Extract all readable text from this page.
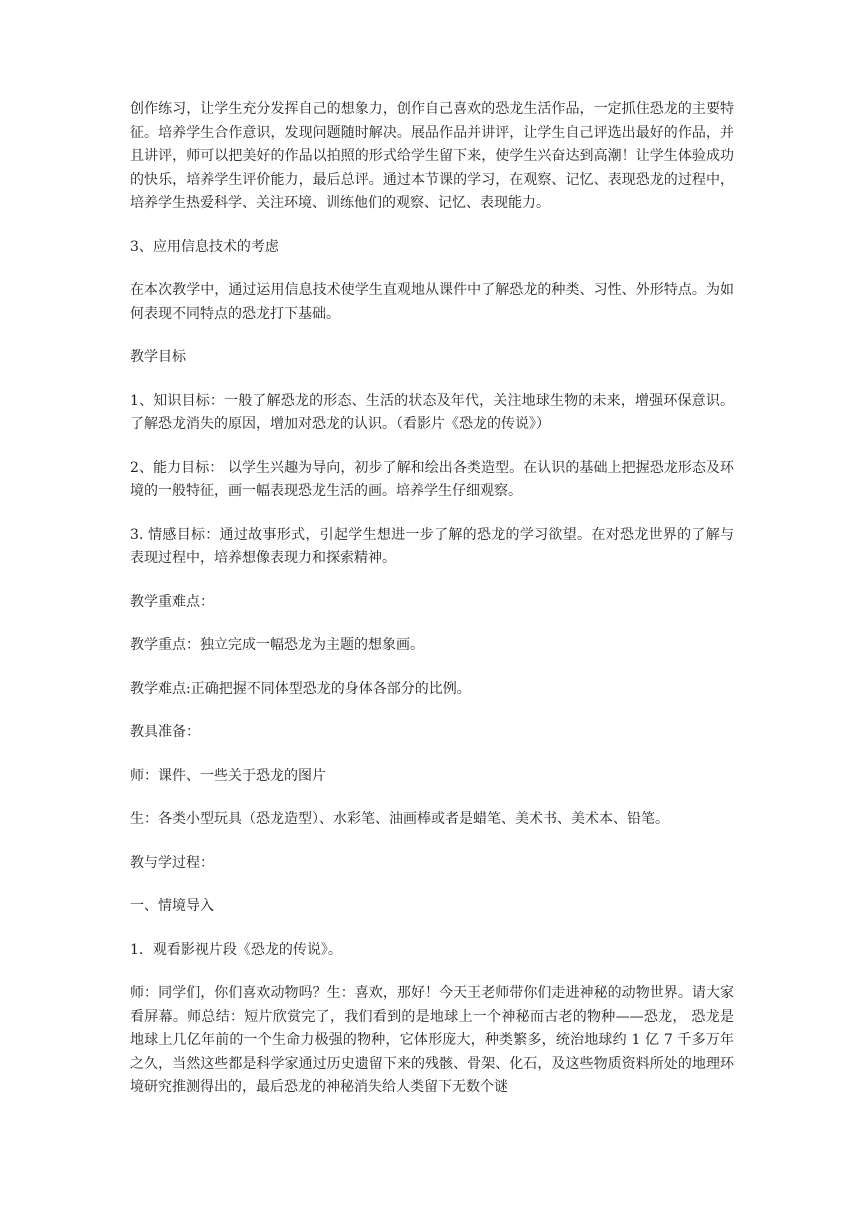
创作练习，让学生充分发挥自己的想象力，创作自己喜欢的恐龙生活作品，一定抓住恐龙的主要特征。培养学生合作意识，发现问题随时解决。展品作品并讲评，让学生自己评选出最好的作品，并且讲评，师可以把美好的作品以拍照的形式给学生留下来，使学生兴奋达到高潮！让学生体验成功的快乐，培养学生评价能力，最后总评。通过本节课的学习，在观察、记忆、表现恐龙的过程中，培养学生热爱科学、关注环境、训练他们的观察、记忆、表现能力。

3、应用信息技术的考虑

在本次教学中，通过运用信息技术使学生直观地从课件中了解恐龙的种类、习性、外形特点。为如何表现不同特点的恐龙打下基础。

教学目标

1、知识目标：一般了解恐龙的形态、生活的状态及年代，关注地球生物的未来，增强环保意识。了解恐龙消失的原因，增加对恐龙的认识。（看影片《恐龙的传说》）

2、能力目标： 以学生兴趣为导向，初步了解和绘出各类造型。在认识的基础上把握恐龙形态及环境的一般特征，画一幅表现恐龙生活的画。培养学生仔细观察。

3. 情感目标：通过故事形式，引起学生想进一步了解的恐龙的学习欲望。在对恐龙世界的了解与表现过程中，培养想像表现力和探索精神。

教学重难点：

教学重点：独立完成一幅恐龙为主题的想象画。

教学难点:正确把握不同体型恐龙的身体各部分的比例。

教具准备：

师：课件、一些关于恐龙的图片

生：各类小型玩具（恐龙造型）、水彩笔、油画棒或者是蜡笔、美术书、美术本、铅笔。

教与学过程：

一、情境导入

1．观看影视片段《恐龙的传说》。

师：同学们，你们喜欢动物吗？生：喜欢，那好！今天王老师带你们走进神秘的动物世界。请大家看屏幕。师总结：短片欣赏完了，我们看到的是地球上一个神秘而古老的物种——恐龙， 恐龙是地球上几亿年前的一个生命力极强的物种，它体形庞大，种类繁多，统治地球约 1 亿 7 千多万年之久，当然这些都是科学家通过历史遗留下来的残骸、骨架、化石，及这些物质资料所处的地理环境研究推测得出的，最后恐龙的神秘消失给人类留下无数个谜
